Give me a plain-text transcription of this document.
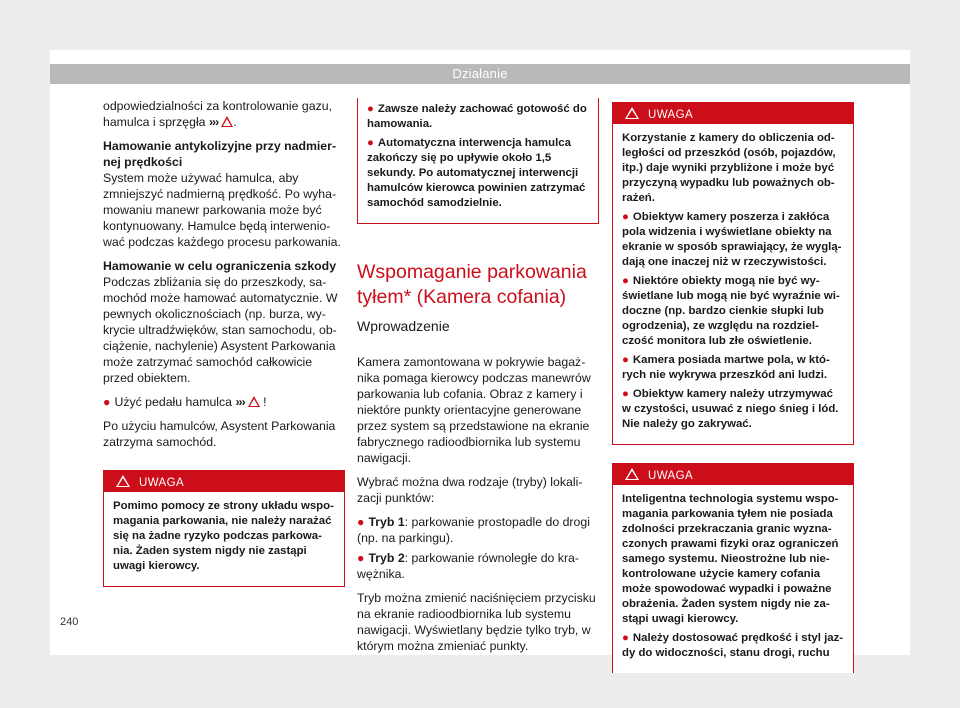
Działanie

odpowiedzialności za kontrolowanie gazu, hamulca i sprzęgła ››› .

Hamowanie antykolizyjne przy nadmiernej prędkości

System może używać hamulca, aby zmniejszyć nadmierną prędkość. Po wyhamowaniu manewr parkowania może być kontynuowany. Hamulce będą interweniować podczas każdego procesu parkowania.

Hamowanie w celu ograniczenia szkody

Podczas zbliżania się do przeszkody, samochód może hamować automatycznie. W pewnych okolicznościach (np. burza, wykrycie ultradźwięków, stan samochodu, obciążenie, nachylenie) Asystent Parkowania może zatrzymać samochód całkowicie przed obiektem.

● Użyć pedału hamulca ››› !

Po użyciu hamulców, Asystent Parkowania zatrzyma samochód.

UWAGA

Pomimo pomocy ze strony układu wspomagania parkowania, nie należy narażać się na żadne ryzyko podczas parkowania. Żaden system nigdy nie zastąpi uwagi kierowcy.

● Zawsze należy zachować gotowość do hamowania.

● Automatyczna interwencja hamulca zakończy się po upływie około 1,5 sekundy. Po automatycznej interwencji hamulców kierowca powinien zatrzymać samochód samodzielnie.

Wspomaganie parkowania tyłem* (Kamera cofania)

Wprowadzenie

Kamera zamontowana w pokrywie bagażnika pomaga kierowcy podczas manewrów parkowania lub cofania. Obraz z kamery i niektóre punkty orientacyjne generowane przez system są przedstawione na ekranie fabrycznego radioodbiornika lub systemu nawigacji.

Wybrać można dwa rodzaje (tryby) lokalizacji punktów:

● Tryb 1: parkowanie prostopadle do drogi (np. na parkingu).

● Tryb 2: parkowanie równoległe do krawężnika.

Tryb można zmienić naciśnięciem przycisku na ekranie radioodbiornika lub systemu nawigacji. Wyświetlany będzie tylko tryb, w którym można zmieniać punkty.

UWAGA

Korzystanie z kamery do obliczenia odległości od przeszkód (osób, pojazdów, itp.) daje wyniki przybliżone i może być przyczyną wypadku lub poważnych obrażeń.

● Obiektyw kamery poszerza i zakłóca pola widzenia i wyświetlane obiekty na ekranie w sposób sprawiający, że wyglądają one inaczej niż w rzeczywistości.

● Niektóre obiekty mogą nie być wyświetlane lub mogą nie być wyraźnie widoczne (np. bardzo cienkie słupki lub ogrodzenia), ze względu na rozdzielczość monitora lub złe oświetlenie.

● Kamera posiada martwe pola, w których nie wykrywa przeszkód ani ludzi.

● Obiektyw kamery należy utrzymywać w czystości, usuwać z niego śnieg i lód. Nie należy go zakrywać.

UWAGA

Inteligentna technologia systemu wspomagania parkowania tyłem nie posiada zdolności przekraczania granic wyznaczonych prawami fizyki oraz ograniczeń samego systemu. Nieostrożne lub niekontrolowane użycie kamery cofania może spowodować wypadki i poważne obrażenia. Żaden system nigdy nie zastąpi uwagi kierowcy.

● Należy dostosować prędkość i styl jazdy do widoczności, stanu drogi, ruchu

240
